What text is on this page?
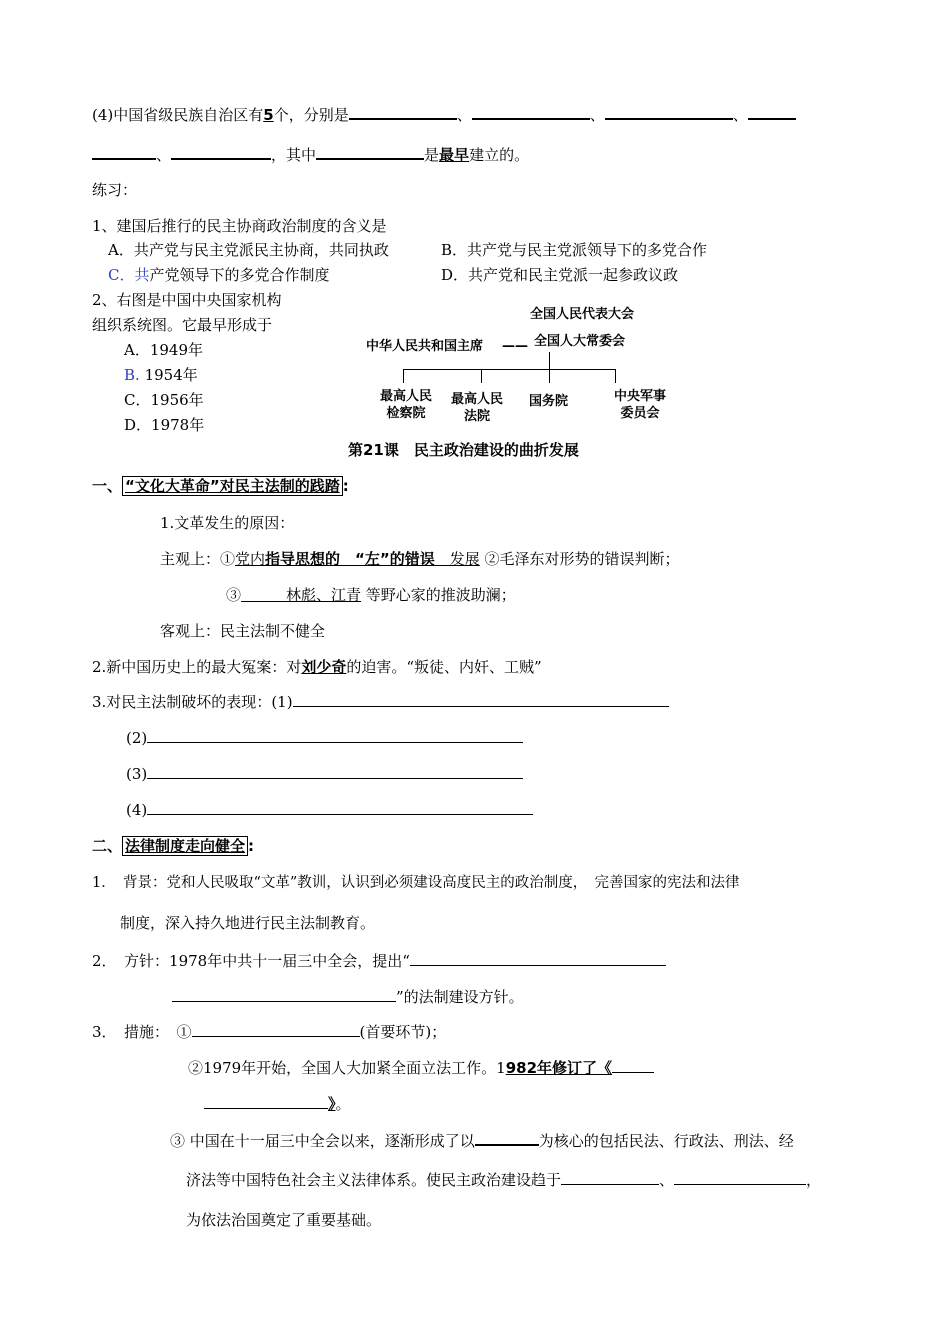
(4)中国省级民族自治区有5个，分别是	、	、	、
、	，其中	是最早建立的。
练习：
1、建国后推行的民主协商政治制度的含义是
A．共产党与民主党派民主协商，共同执政	B．共产党与民主党派领导下的多党合作
C．共产党领导下的多党合作制度	D．共产党和民主党派一起参政议政
2、右图是中国中央国家机构
组织系统图。它最早形成于
A．1949年
B. 1954年
C．1956年
D．1978年
全国人民代表大会
中华人民共和国主席 —— 全国人大常委会
最高人民
检察院
最高人民
法院
国务院	中央军事
委员会
第21课　民主政治建设的曲折发展
一、 “文化大革命”对民主法制的践踏 :
1.文革发生的原因：
主观上：①党内指导思想的　“左”的错误　发展 ②毛泽东对形势的错误判断；
③　　　林彪、江青 等野心家的推波助澜；
客观上：民主法制不健全
2.新中国历史上的最大冤案：对刘少奇的迫害。“叛徒、内奸、工贼”
3.对民主法制破坏的表现：(1)
(2)
(3)
(4)
二、 法律制度走向健全 :
1．　背景：党和人民吸取“文革”教训，认识到必须建设高度民主的政治制度，　完善国家的宪法和法律
制度，深入持久地进行民主法制教育。
2．　方针：1978年中共十一届三中全会，提出“
”的法制建设方针。
3．　措施：　①	(首要环节)；
②1979年开始，全国人大加紧全面立法工作。1982年修订了《
》。
③ 中国在十一届三中全会以来，逐渐形成了以	为核心的包括民法、行政法、刑法、经
济法等中国特色社会主义法律体系。使民主政治建设趋于	、	，
为依法治国奠定了重要基础。
